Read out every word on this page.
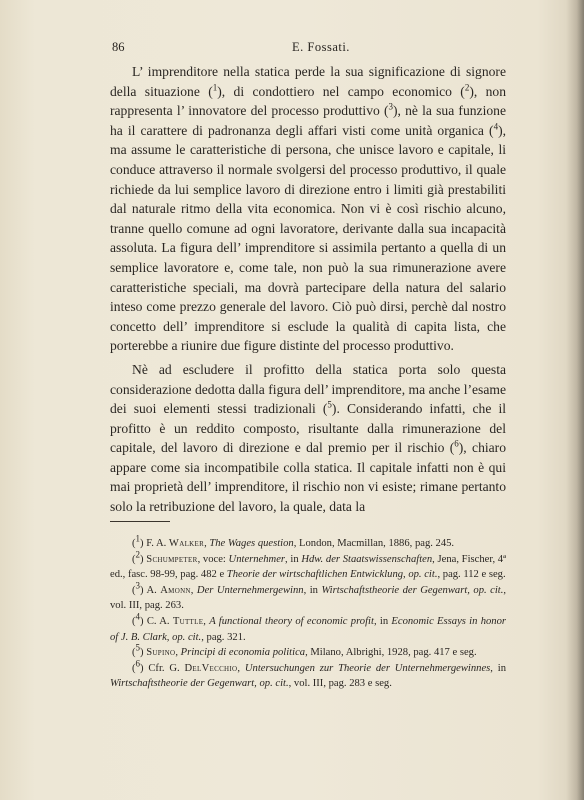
86	E. Fossati.

L’ imprenditore nella statica perde la sua significazione di signore della situazione ($^1$), di condottiero nel campo economico ($^2$), non rappresenta l’ innovatore del processo produttivo ($^3$), nè la sua funzione ha il carattere di padronanza degli affari visti come unità organica ($^4$), ma assume le caratteristiche di persona, che unisce lavoro e capitale, li conduce attraverso il normale svolgersi del processo produttivo, il quale richiede da lui semplice lavoro di direzione entro i limiti già prestabiliti dal naturale ritmo della vita economica. Non vi è così rischio alcuno, tranne quello comune ad ogni lavoratore, derivante dalla sua incapacità assoluta. La figura dell’ imprenditore si assimila pertanto a quella di un semplice lavoratore e, come tale, non può la sua rimunerazione avere caratteristiche speciali, ma dovrà partecipare della natura del salario inteso come prezzo generale del lavoro. Ciò può dirsi, perchè dal nostro concetto dell’ imprenditore si esclude la qualità di capita lista, che porterebbe a riunire due figure distinte del processo produttivo.

Nè ad escludere il profitto della statica porta solo questa considerazione dedotta dalla figura dell’ imprenditore, ma anche l’esame dei suoi elementi stessi tradizionali ($^5$). Considerando infatti, che il profitto è un reddito composto, risultante dalla rimunerazione del capitale, del lavoro di direzione e dal premio per il rischio ($^6$), chiaro appare come sia incompatibile colla statica. Il capitale infatti non è qui mai proprietà dell’ imprenditore, il rischio non vi esiste; rimane pertanto solo la retribuzione del lavoro, la quale, data la

($^1$) F. A. Walker, The Wages question, London, Macmillan, 1886, pag. 245.

($^2$) Schumpeter, voce: Unternehmer, in Hdw. der Staatswissenschaften, Jena, Fischer, 4ª ed., fasc. 98-99, pag. 482 e Theorie der wirtschaftlichen Entwicklung, op. cit., pag. 112 e seg.

($^3$) A. Amonn, Der Unternehmergewinn, in Wirtschaftstheorie der Gegenwart, op. cit., vol. III, pag. 263.

($^4$) C. A. Tuttle, A functional theory of economic profit, in Economic Essays in honor of J. B. Clark, op. cit., pag. 321.

($^5$) Supino, Principi di economia politica, Milano, Albrighi, 1928, pag. 417 e seg.

($^6$) Cfr. G. DelVecchio, Untersuchungen zur Theorie der Unternehmergewinnes, in Wirtschaftstheorie der Gegenwart, op. cit., vol. III, pag. 283 e seg.
